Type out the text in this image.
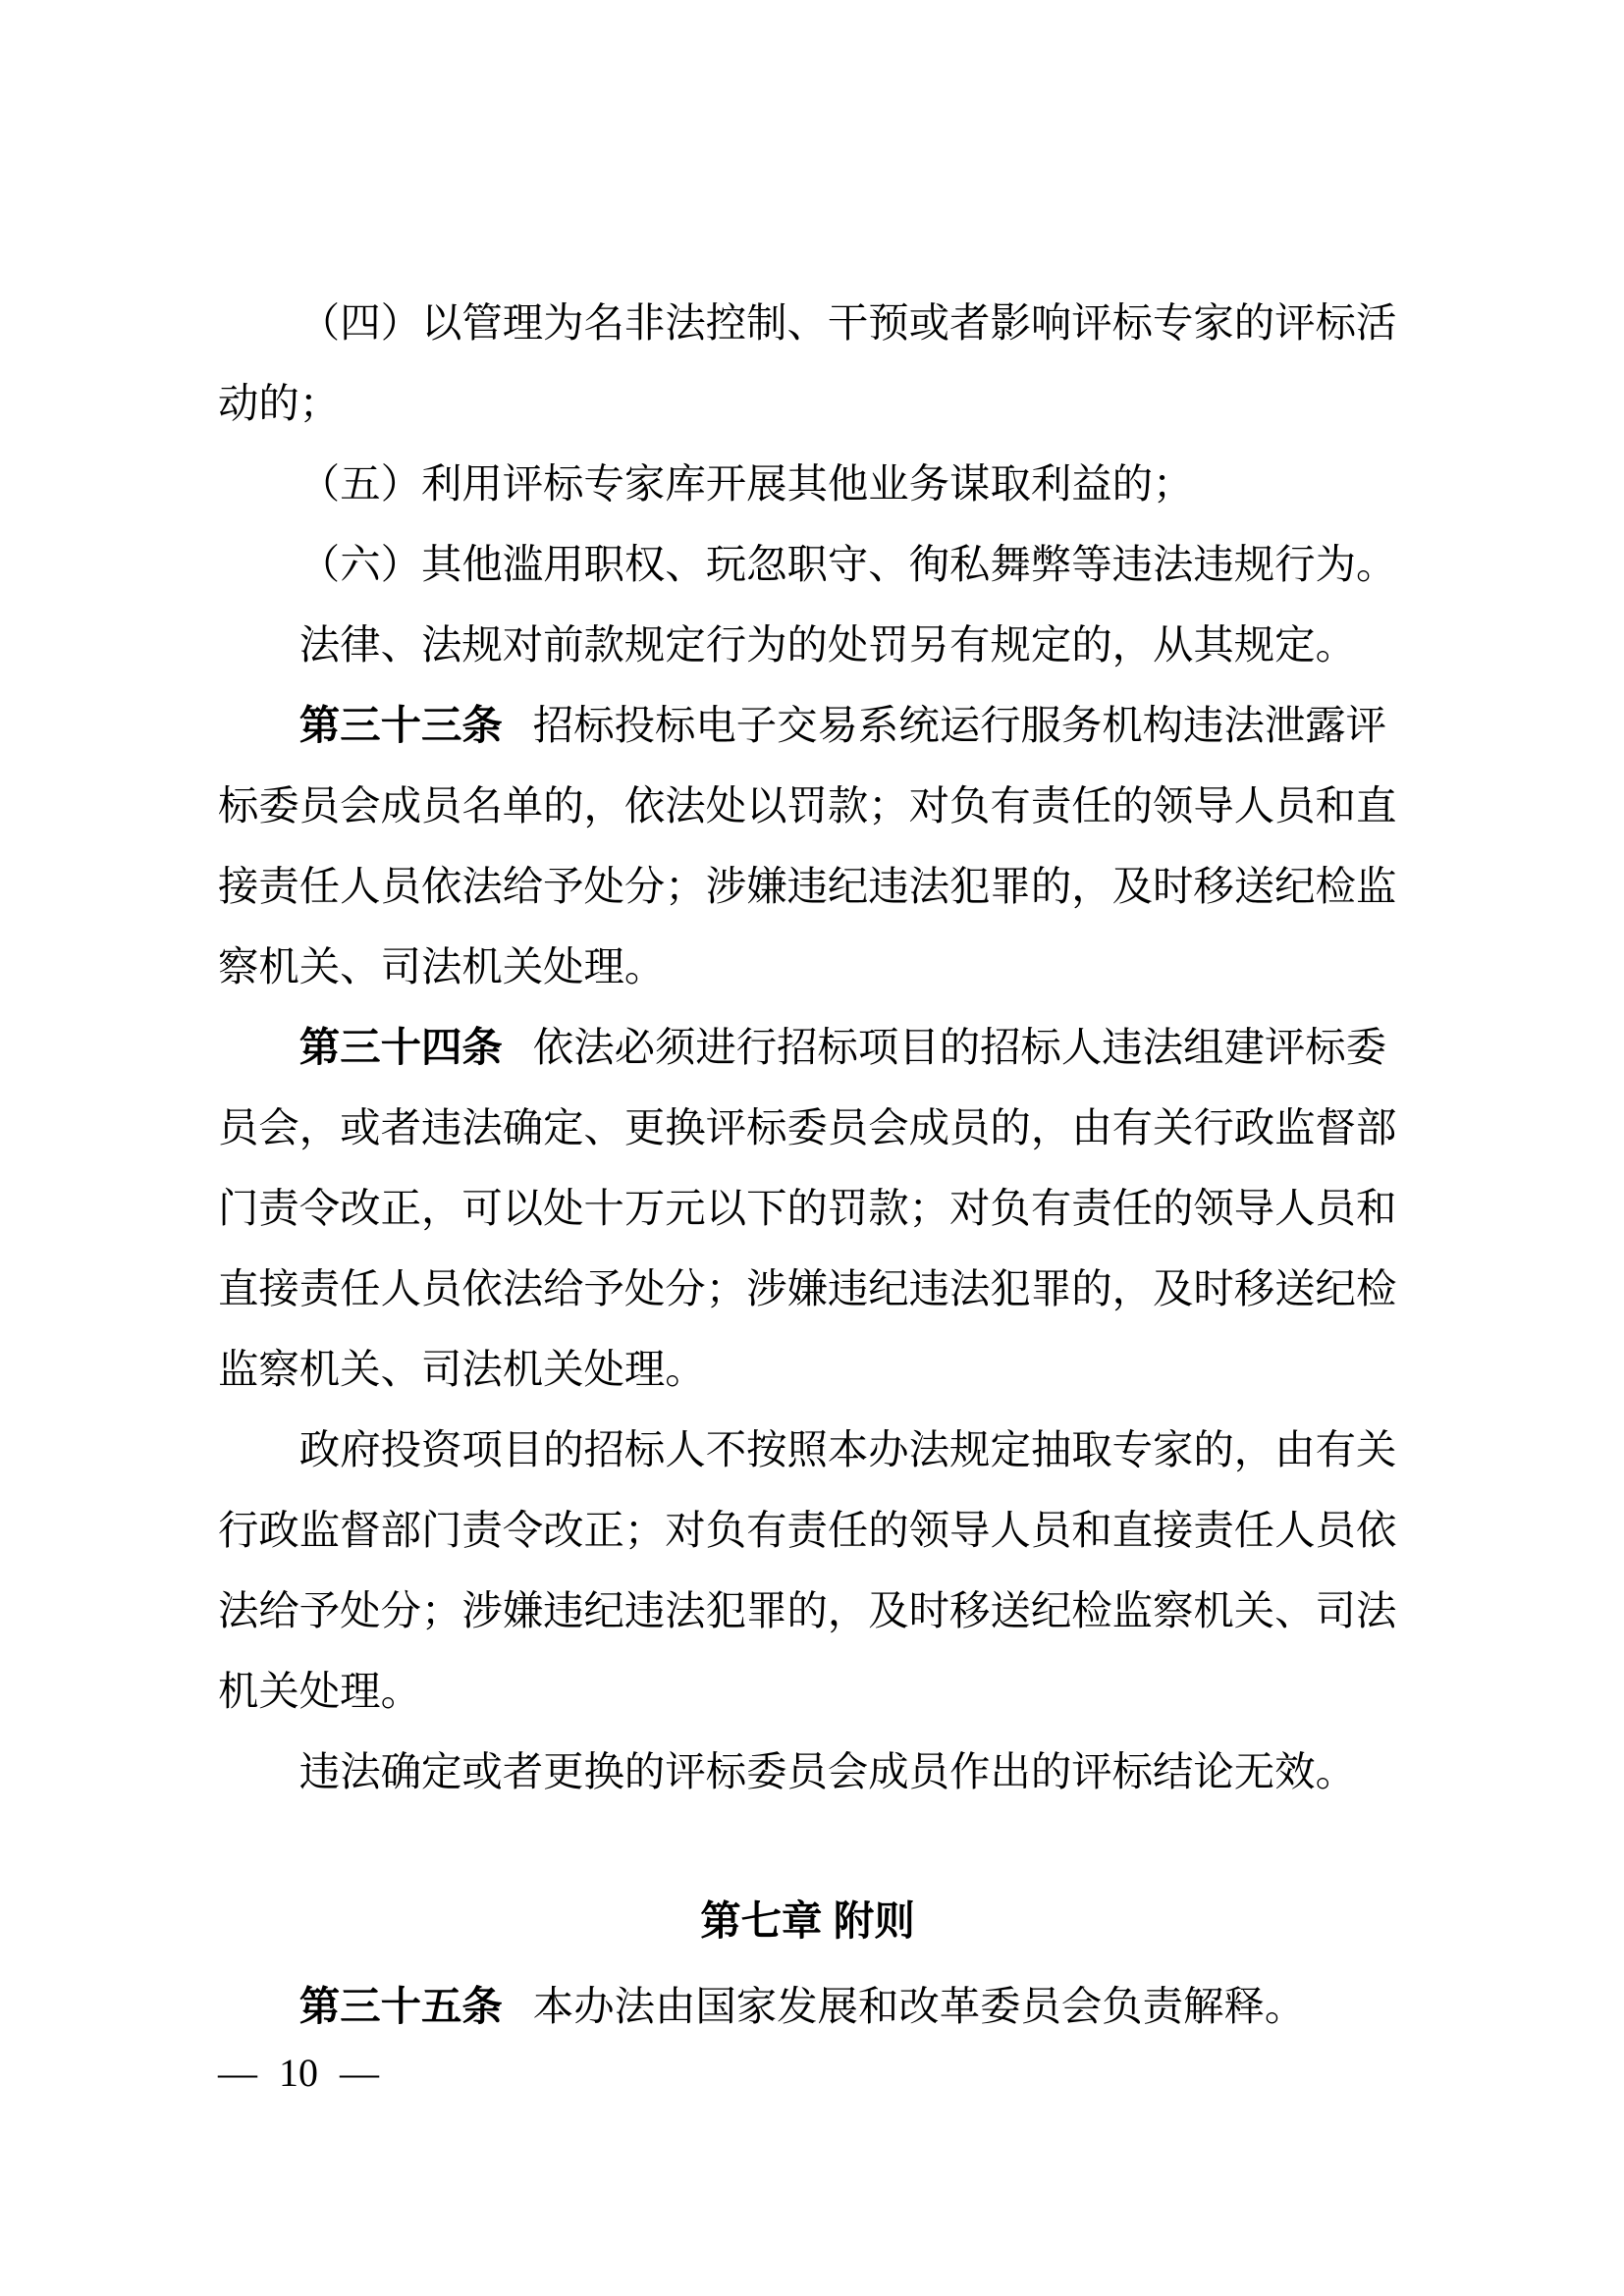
（四）以管理为名非法控制、干预或者影响评标专家的评标活
动的；
（五）利用评标专家库开展其他业务谋取利益的；
（六）其他滥用职权、玩忽职守、徇私舞弊等违法违规行为。
法律、法规对前款规定行为的处罚另有规定的，从其规定。
第三十三条 招标投标电子交易系统运行服务机构违法泄露评
标委员会成员名单的，依法处以罚款；对负有责任的领导人员和直
接责任人员依法给予处分；涉嫌违纪违法犯罪的，及时移送纪检监
察机关、司法机关处理。
第三十四条 依法必须进行招标项目的招标人违法组建评标委
员会，或者违法确定、更换评标委员会成员的，由有关行政监督部
门责令改正，可以处十万元以下的罚款；对负有责任的领导人员和
直接责任人员依法给予处分；涉嫌违纪违法犯罪的，及时移送纪检
监察机关、司法机关处理。
政府投资项目的招标人不按照本办法规定抽取专家的，由有关
行政监督部门责令改正；对负有责任的领导人员和直接责任人员依
法给予处分；涉嫌违纪违法犯罪的，及时移送纪检监察机关、司法
机关处理。
违法确定或者更换的评标委员会成员作出的评标结论无效。
第七章 附则
第三十五条 本办法由国家发展和改革委员会负责解释。
— 10 —
